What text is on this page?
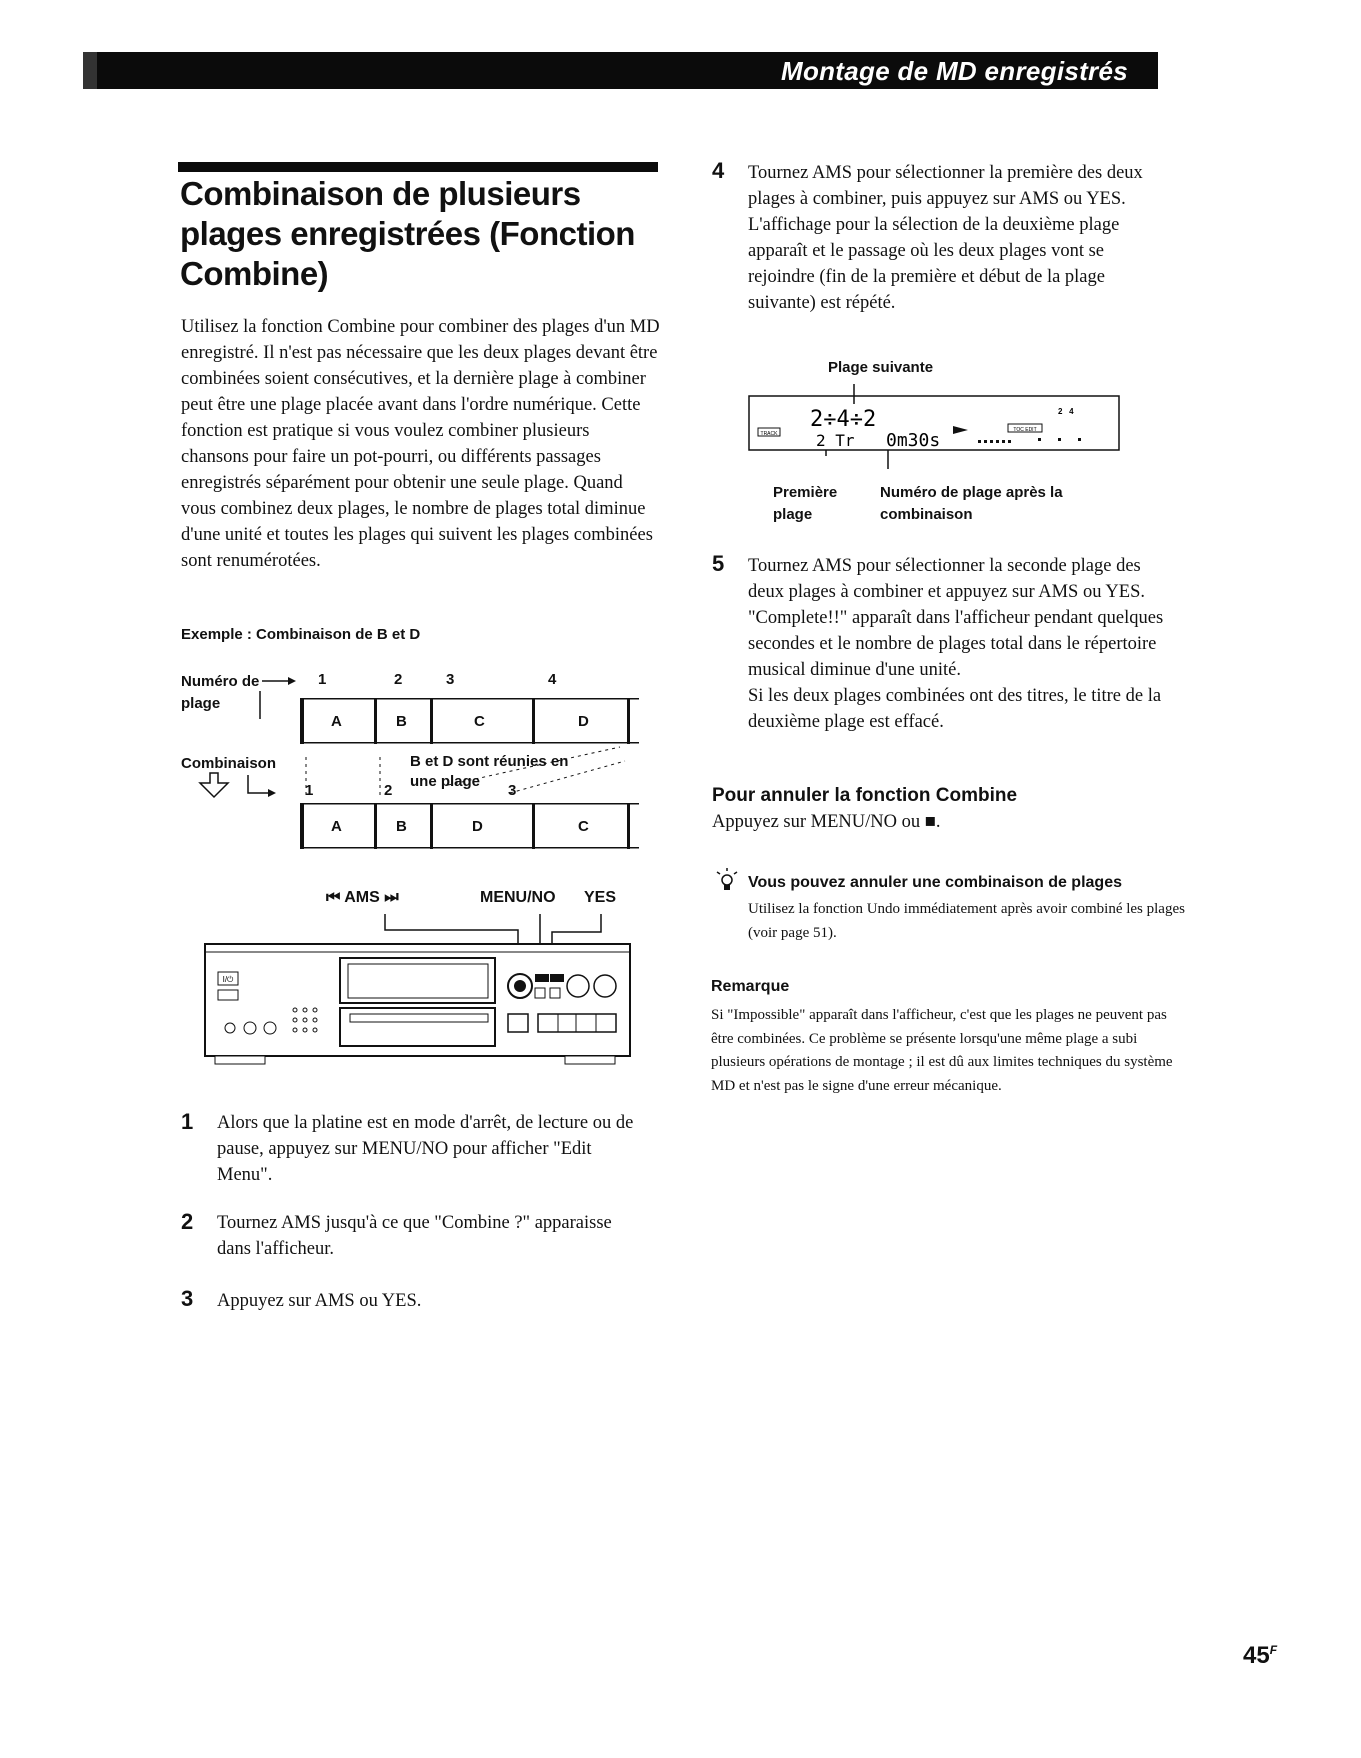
Montage de MD enregistrés
Combinaison de plusieurs plages enregistrées (Fonction Combine)
Utilisez la fonction Combine pour combiner des plages d'un MD enregistré. Il n'est pas nécessaire que les deux plages devant être combinées soient consécutives, et la dernière plage à combiner peut être une plage placée avant dans l'ordre numérique. Cette fonction est pratique si vous voulez combiner plusieurs chansons pour faire un pot-pourri, ou différents passages enregistrés séparément pour obtenir une seule plage. Quand vous combinez deux plages, le nombre de plages total diminue d'une unité et toutes les plages qui suivent les plages combinées sont renumérotées.
Exemple : Combinaison de B et D
Numéro de plage
Combinaison
1	2	3	4
A	B	C	D
B et D sont réunies en une plage
1	2	3
A	B	D	C
⏮ AMS ⏭	MENU/NO YES
I/⏻
1 Alors que la platine est en mode d'arrêt, de lecture ou de pause, appuyez sur MENU/NO pour afficher "Edit Menu".
2 Tournez AMS jusqu'à ce que "Combine ?" apparaisse dans l'afficheur.
3 Appuyez sur AMS ou YES.
4 Tournez AMS pour sélectionner la première des deux plages à combiner, puis appuyez sur AMS ou YES.
L'affichage pour la sélection de la deuxième plage apparaît et le passage où les deux plages vont se rejoindre (fin de la première et début de la plage suivante) est répété.
Plage suivante
TRACK
2÷4÷2
2 Tr 0m30s	TOC EDIT
2   4
Première plage
Numéro de plage après la combinaison
5 Tournez AMS pour sélectionner la seconde plage des deux plages à combiner et appuyez sur AMS ou YES.
"Complete!!" apparaît dans l'afficheur pendant quelques secondes et le nombre de plages total dans le répertoire musical diminue d'une unité.
Si les deux plages combinées ont des titres, le titre de la deuxième plage est effacé.
Pour annuler la fonction Combine
Appuyez sur MENU/NO ou ■.
Vous pouvez annuler une combinaison de plages
Utilisez la fonction Undo immédiatement après avoir combiné les plages (voir page 51).
Remarque
Si "Impossible" apparaît dans l'afficheur, c'est que les plages ne peuvent pas être combinées. Ce problème se présente lorsqu'une même plage a subi plusieurs opérations de montage ; il est dû aux limites techniques du système MD et n'est pas le signe d'une erreur mécanique.
$45^F$
